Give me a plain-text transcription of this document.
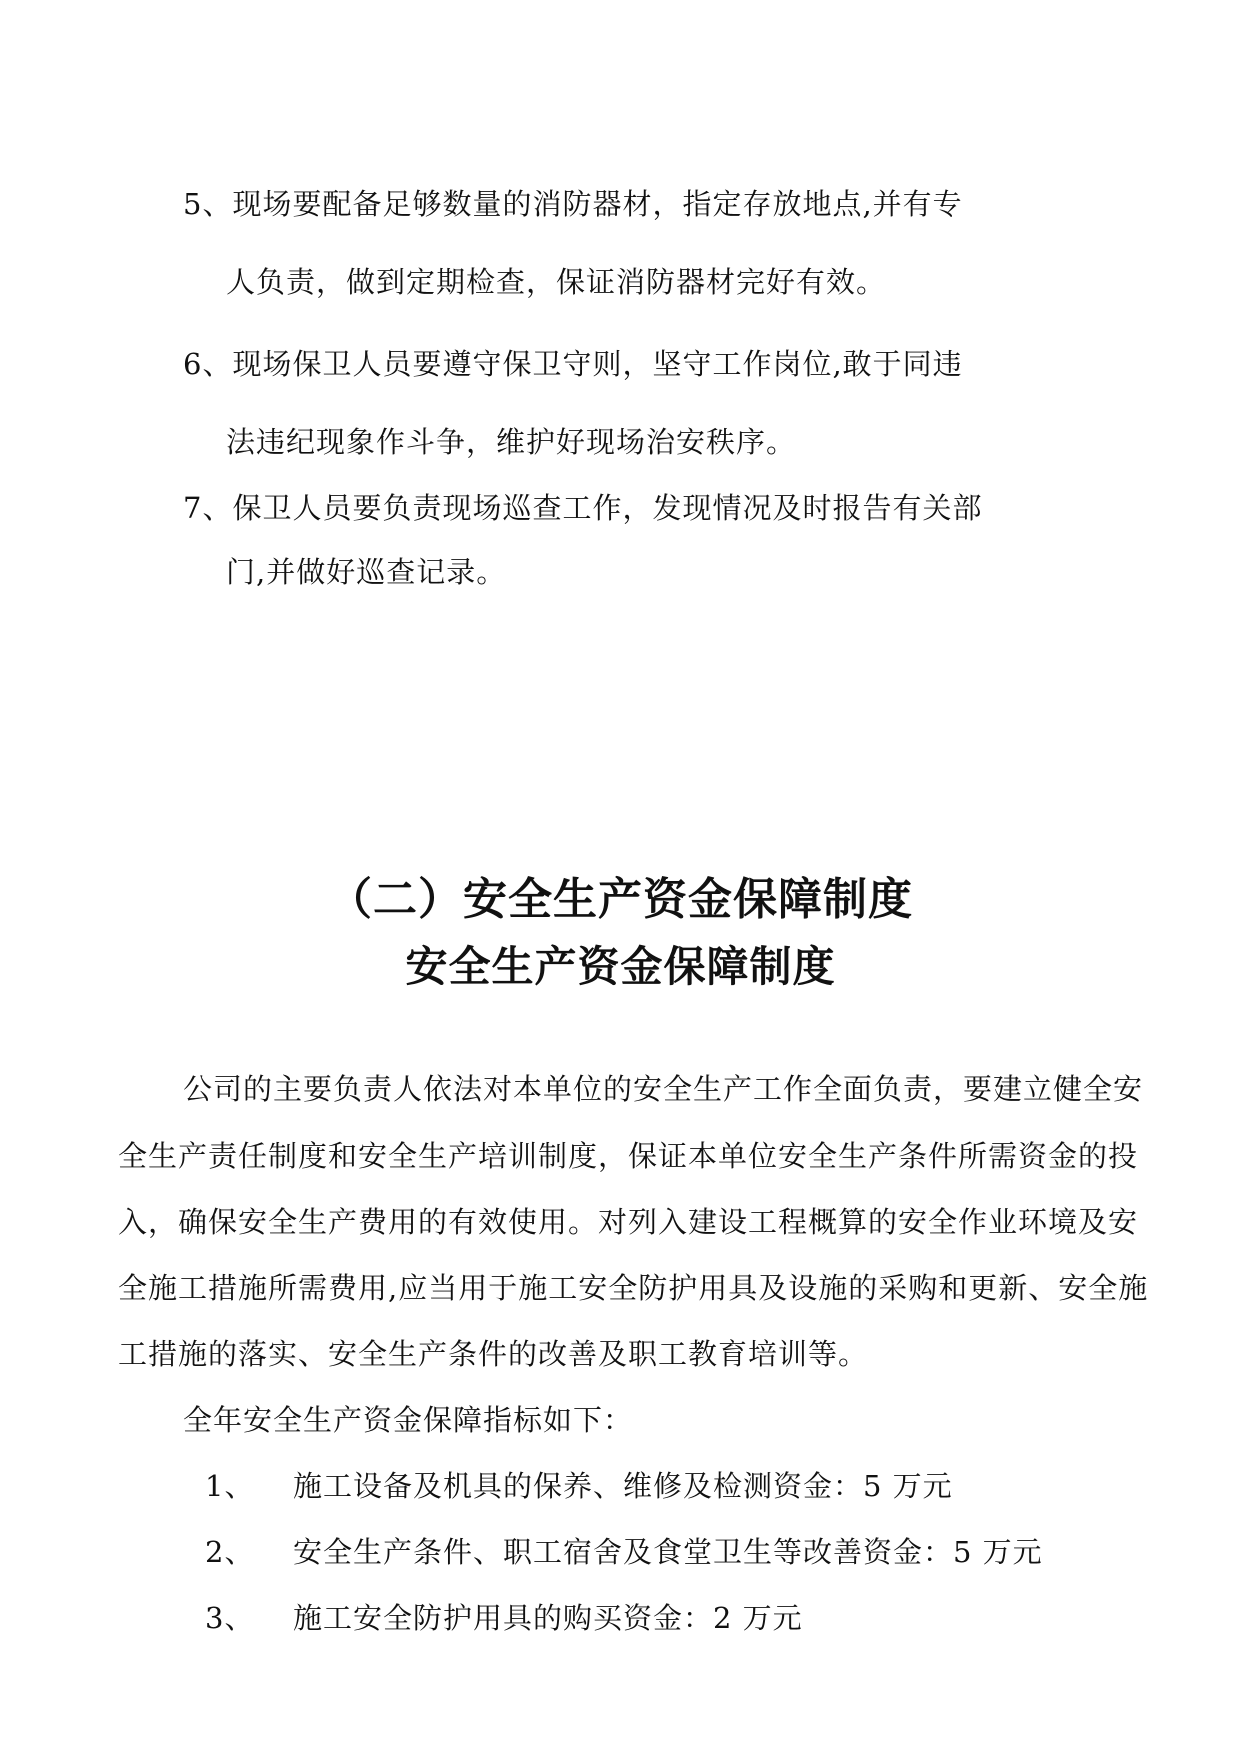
5、现场要配备足够数量的消防器材，指定存放地点,并有专
人负责，做到定期检查，保证消防器材完好有效。
6、现场保卫人员要遵守保卫守则，坚守工作岗位,敢于同违
法违纪现象作斗争，维护好现场治安秩序。
7、保卫人员要负责现场巡查工作，发现情况及时报告有关部
门,并做好巡查记录。
（二）安全生产资金保障制度
安全生产资金保障制度
公司的主要负责人依法对本单位的安全生产工作全面负责，要建立健全安
全生产责任制度和安全生产培训制度，保证本单位安全生产条件所需资金的投
入，确保安全生产费用的有效使用。对列入建设工程概算的安全作业环境及安
全施工措施所需费用,应当用于施工安全防护用具及设施的采购和更新、安全施
工措施的落实、安全生产条件的改善及职工教育培训等。
全年安全生产资金保障指标如下：
1、 施工设备及机具的保养、维修及检测资金：5 万元
2、 安全生产条件、职工宿舍及食堂卫生等改善资金：5 万元
3、 施工安全防护用具的购买资金：2 万元
